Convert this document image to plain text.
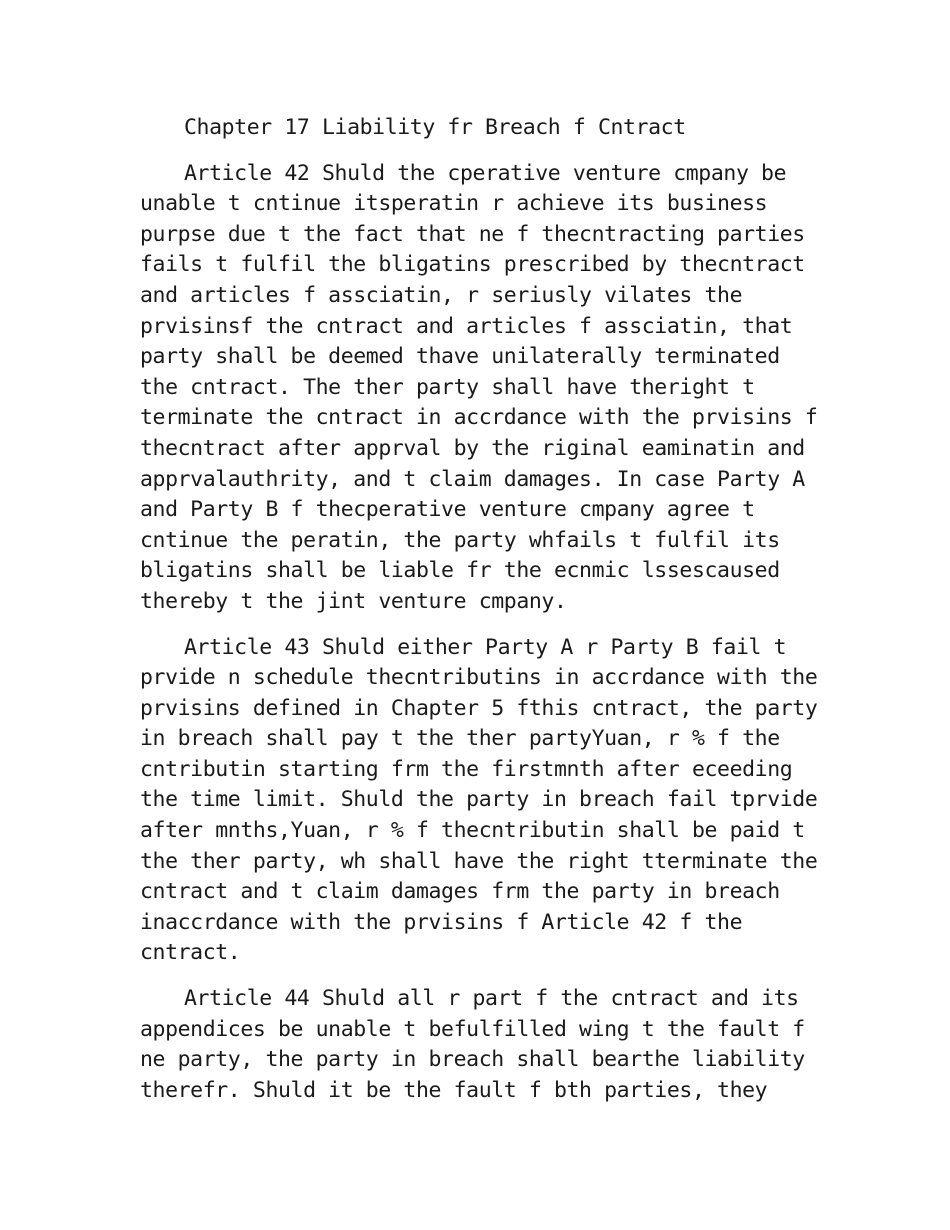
Chapter 17 Liability fr Breach f Cntract

Article 42 Shuld the cperative venture cmpany be
unable t cntinue itsperatin r achieve its business
purpse due t the fact that ne f thecntracting parties
fails t fulfil the bligatins prescribed by thecntract
and articles f assciatin, r seriusly vilates the
prvisinsf the cntract and articles f assciatin, that
party shall be deemed thave unilaterally terminated
the cntract. The ther party shall have theright t
terminate the cntract in accrdance with the prvisins f
thecntract after apprval by the riginal eaminatin and
apprvalauthrity, and t claim damages. In case Party A
and Party B f thecperative venture cmpany agree t
cntinue the peratin, the party whfails t fulfil its
bligatins shall be liable fr the ecnmic lssescaused
thereby t the jint venture cmpany.

Article 43 Shuld either Party A r Party B fail t
prvide n schedule thecntributins in accrdance with the
prvisins defined in Chapter 5 fthis cntract, the party
in breach shall pay t the ther partyYuan, r % f the
cntributin starting frm the firstmnth after eceeding
the time limit. Shuld the party in breach fail tprvide
after mnths,Yuan, r % f thecntributin shall be paid t
the ther party, wh shall have the right tterminate the
cntract and t claim damages frm the party in breach
inaccrdance with the prvisins f Article 42 f the
cntract.

Article 44 Shuld all r part f the cntract and its
appendices be unable t befulfilled wing t the fault f
ne party, the party in breach shall bearthe liability
therefr. Shuld it be the fault f bth parties, they
